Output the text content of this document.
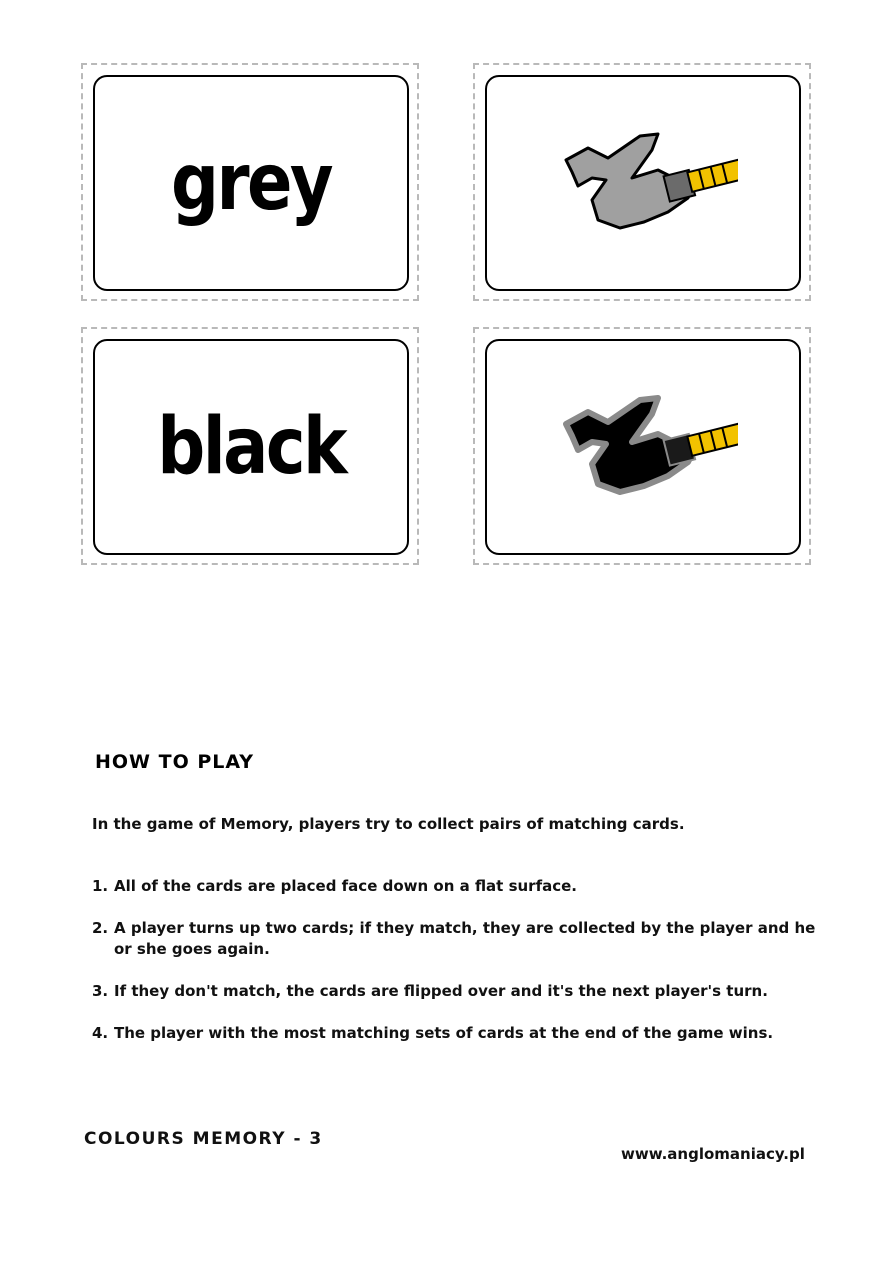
grey
black
HOW TO PLAY
In the game of Memory, players try to collect pairs of matching cards.
1. All of the cards are placed face down on a flat surface.
2. A player turns up two cards; if they match, they are collected by the player and he or she goes again.
3. If they don't match, the cards are flipped over and it's the next player's turn.
4. The player with the most matching sets of cards at the end of the game wins.
COLOURS MEMORY - 3
www.anglomaniacy.pl
